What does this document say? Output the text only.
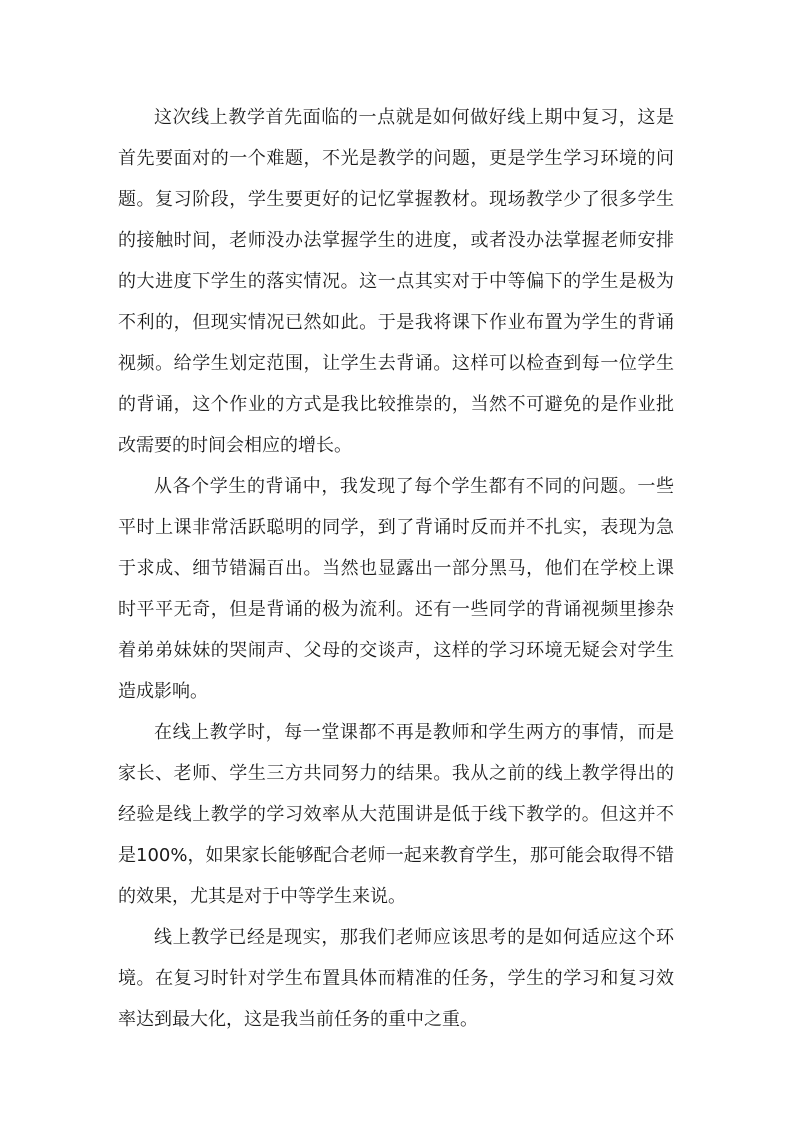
这次线上教学首先面临的一点就是如何做好线上期中复习，这是首先要面对的一个难题，不光是教学的问题，更是学生学习环境的问题。复习阶段，学生要更好的记忆掌握教材。现场教学少了很多学生的接触时间，老师没办法掌握学生的进度，或者没办法掌握老师安排的大进度下学生的落实情况。这一点其实对于中等偏下的学生是极为不利的，但现实情况已然如此。于是我将课下作业布置为学生的背诵视频。给学生划定范围，让学生去背诵。这样可以检查到每一位学生的背诵，这个作业的方式是我比较推崇的，当然不可避免的是作业批改需要的时间会相应的增长。

从各个学生的背诵中，我发现了每个学生都有不同的问题。一些平时上课非常活跃聪明的同学，到了背诵时反而并不扎实，表现为急于求成、细节错漏百出。当然也显露出一部分黑马，他们在学校上课时平平无奇，但是背诵的极为流利。还有一些同学的背诵视频里掺杂着弟弟妹妹的哭闹声、父母的交谈声，这样的学习环境无疑会对学生造成影响。

在线上教学时，每一堂课都不再是教师和学生两方的事情，而是家长、老师、学生三方共同努力的结果。我从之前的线上教学得出的经验是线上教学的学习效率从大范围讲是低于线下教学的。但这并不是100%，如果家长能够配合老师一起来教育学生，那可能会取得不错的效果，尤其是对于中等学生来说。

线上教学已经是现实，那我们老师应该思考的是如何适应这个环境。在复习时针对学生布置具体而精准的任务，学生的学习和复习效率达到最大化，这是我当前任务的重中之重。
